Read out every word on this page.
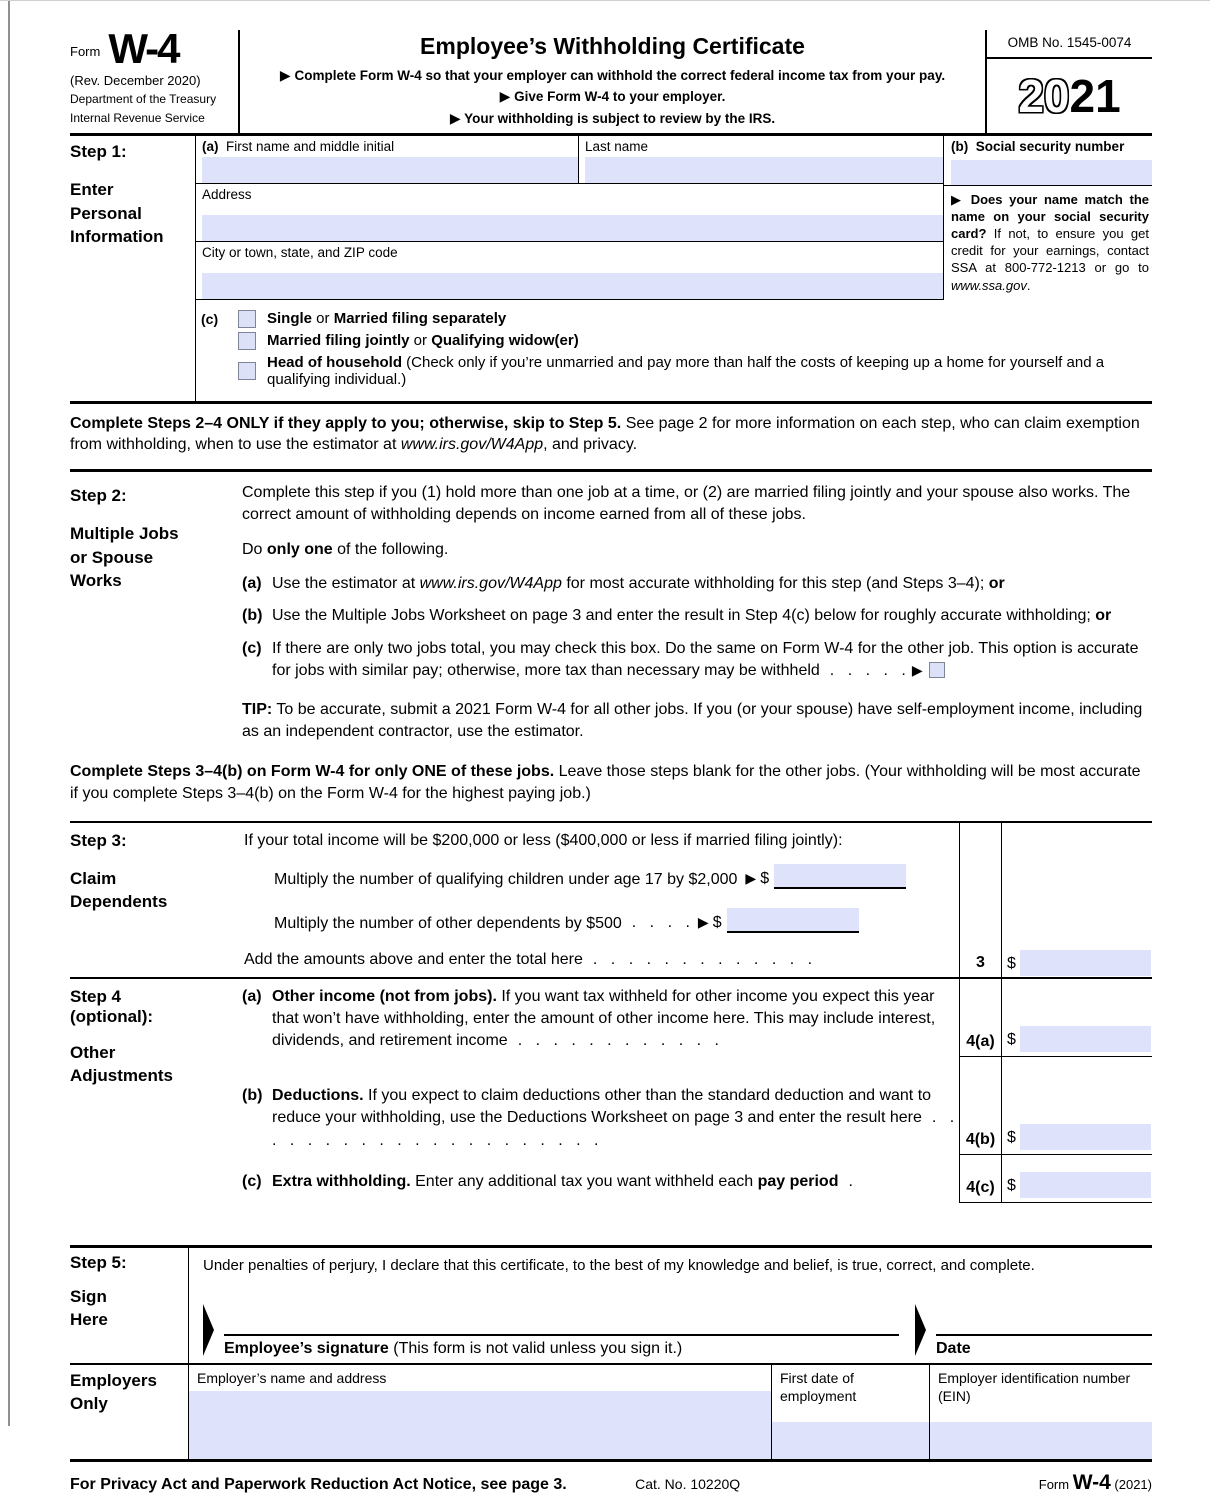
Form W-4
(Rev. December 2020)
Department of the Treasury
Internal Revenue Service
Employee’s Withholding Certificate
▶ Complete Form W-4 so that your employer can withhold the correct federal income tax from your pay.
▶ Give Form W-4 to your employer.
▶ Your withholding is subject to review by the IRS.
OMB No. 1545-0074
20 21
Step 1:
Enter Personal Information
(a) First name and middle initial	Last name
Address
City or town, state, and ZIP code
(b) Social security number
▶ Does your name match the name on your social security card? If not, to ensure you get credit for your earnings, contact SSA at 800-772-1213 or go to www.ssa.gov.
(c)	Single or Married filing separately
Married filing jointly or Qualifying widow(er)
Head of household (Check only if you’re unmarried and pay more than half the costs of keeping up a home for yourself and a qualifying individual.)
Complete Steps 2–4 ONLY if they apply to you; otherwise, skip to Step 5. See page 2 for more information on each step, who can claim exemption from withholding, when to use the estimator at www.irs.gov/W4App, and privacy.
Step 2:
Multiple Jobs or Spouse Works

Complete this step if you (1) hold more than one job at a time, or (2) are married filing jointly and your spouse also works. The correct amount of withholding depends on income earned from all of these jobs.

Do only one of the following.

(a) Use the estimator at www.irs.gov/W4App for most accurate withholding for this step (and Steps 3–4); or
(b) Use the Multiple Jobs Worksheet on page 3 and enter the result in Step 4(c) below for roughly accurate withholding; or
(c) If there are only two jobs total, you may check this box. Do the same on Form W-4 for the other job. This option is accurate for jobs with similar pay; otherwise, more tax than necessary may be withheld . . . . . ▶
TIP: To be accurate, submit a 2021 Form W-4 for all other jobs. If you (or your spouse) have self-employment income, including as an independent contractor, use the estimator.
Complete Steps 3–4(b) on Form W-4 for only ONE of these jobs. Leave those steps blank for the other jobs. (Your withholding will be most accurate if you complete Steps 3–4(b) on the Form W-4 for the highest paying job.)
Step 3:
Claim Dependents
If your total income will be $200,000 or less ($400,000 or less if married filing jointly):
Multiply the number of qualifying children under age 17 by $2,000 ▶ $
Multiply the number of other dependents by $500 . . . . ▶ $
Add the amounts above and enter the total here . . . . . . . . . . . . .	3	$
Step 4
(optional):
Other Adjustments
(a) Other income (not from jobs). If you want tax withheld for other income you expect this year that won’t have withholding, enter the amount of other income here. This may include interest, dividends, and retirement income . . . . . . . . . . . .	4(a) $
(b) Deductions. If you expect to claim deductions other than the standard deduction and want to reduce your withholding, use the Deductions Worksheet on page 3 and enter the result here . . . . . . . . . . . . . . . . . . . . .	4(b) $
(c) Extra withholding. Enter any additional tax you want withheld each pay period .	4(c) $
Step 5:
Sign Here
Under penalties of perjury, I declare that this certificate, to the best of my knowledge and belief, is true, correct, and complete.
Employee’s signature (This form is not valid unless you sign it.)	Date
Employers Only
Employer’s name and address	First date of employment
Employer identification number (EIN)
For Privacy Act and Paperwork Reduction Act Notice, see page 3.	Cat. No. 10220Q	Form W-4 (2021)
